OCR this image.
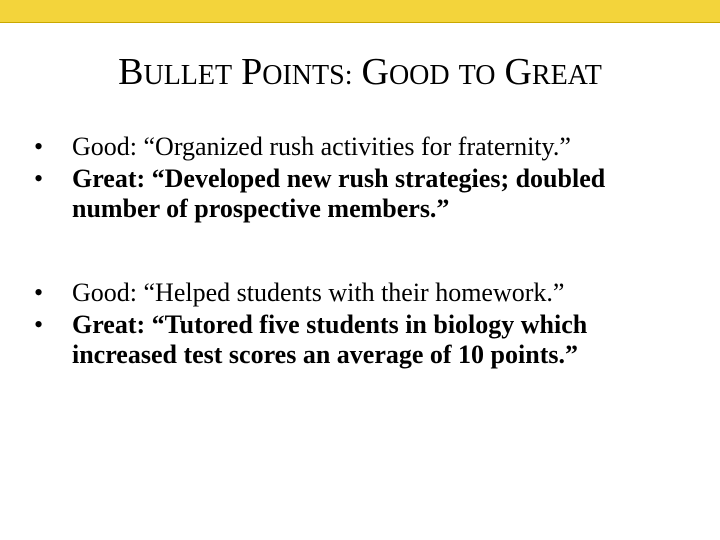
BULLET POINTS: GOOD TO GREAT
•	Good: “Organized rush activities for fraternity.”
•	Great: “Developed new rush strategies; doubled number of prospective members.”
•	Good: “Helped students with their homework.”
•	Great: “Tutored five students in biology which increased test scores an average of 10 points.”
